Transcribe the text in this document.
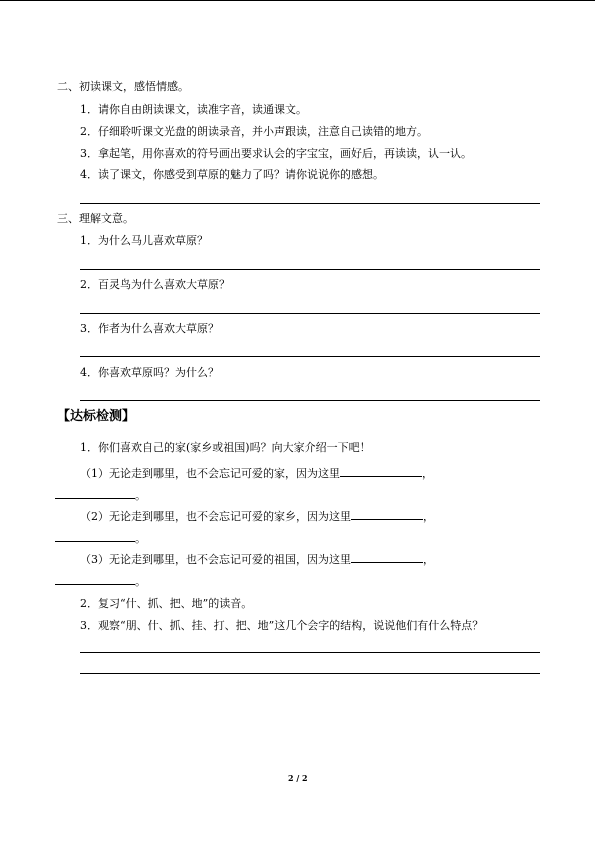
二、初读课文，感悟情感。
1．请你自由朗读课文，读准字音，读通课文。
2．仔细聆听课文光盘的朗读录音，并小声跟读，注意自己读错的地方。
3．拿起笔，用你喜欢的符号画出要求认会的字宝宝，画好后，再读读，认一认。
4．读了课文，你感受到草原的魅力了吗？请你说说你的感想。
三、理解文意。
1．为什么马儿喜欢草原？
2．百灵鸟为什么喜欢大草原？
3．作者为什么喜欢大草原？
4．你喜欢草原吗？为什么？
【达标检测】
1．你们喜欢自己的家(家乡或祖国)吗？向大家介绍一下吧！
（1）无论走到哪里，也不会忘记可爱的家，因为这里	，
。
（2）无论走到哪里，也不会忘记可爱的家乡，因为这里	，
。
（3）无论走到哪里，也不会忘记可爱的祖国，因为这里	，
。
2．复习“什、抓、把、地”的读音。
3．观察“朋、什、抓、挂、打、把、地”这几个会字的结构，说说他们有什么特点？
2 / 2
